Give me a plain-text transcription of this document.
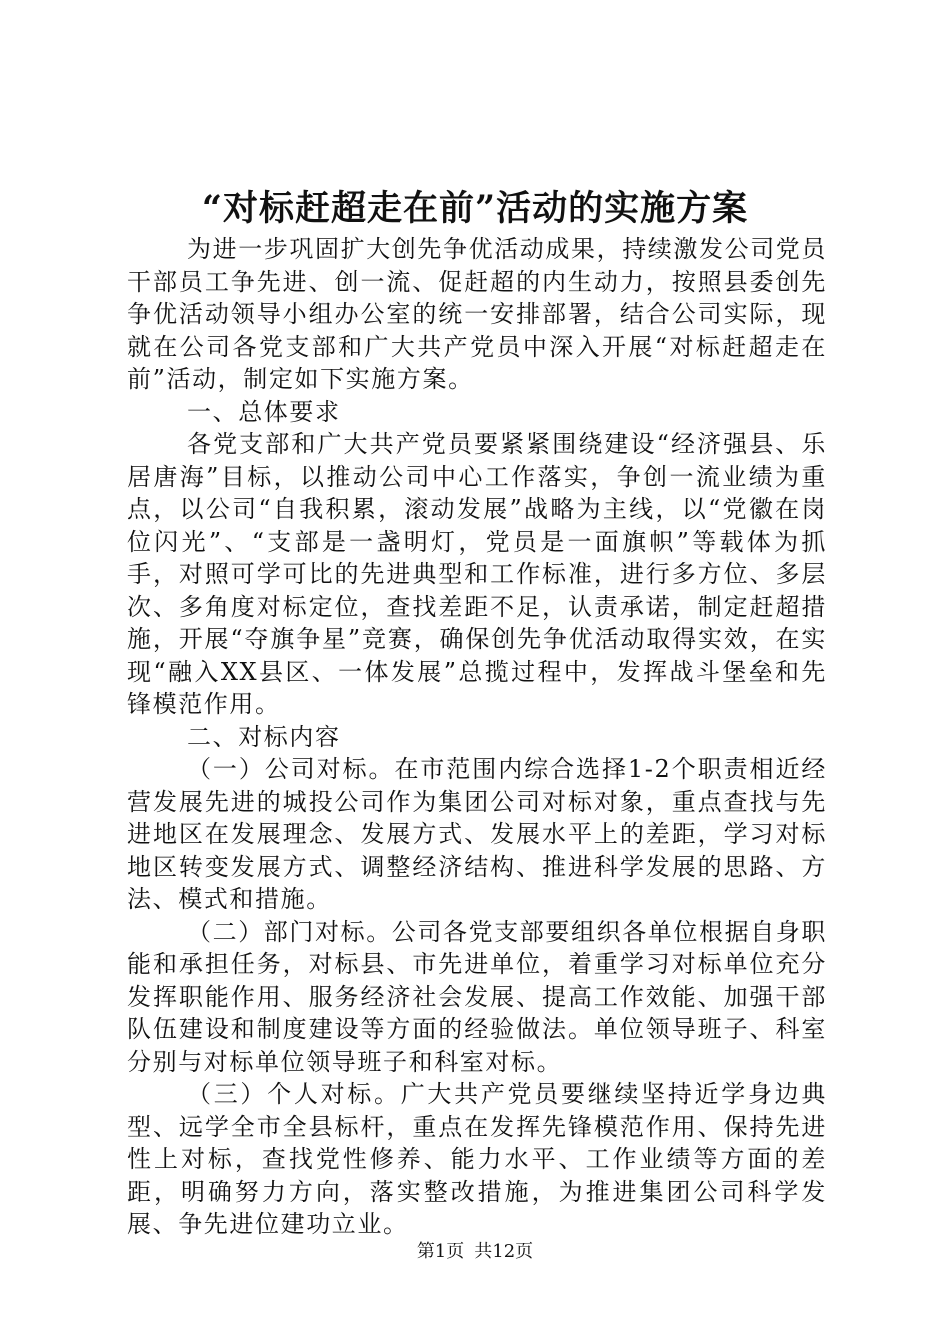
“对标赶超走在前”活动的实施方案

为进一步巩固扩大创先争优活动成果，持续激发公司党员干部员工争先进、创一流、促赶超的内生动力，按照县委创先争优活动领导小组办公室的统一安排部署，结合公司实际，现就在公司各党支部和广大共产党员中深入开展“对标赶超走在前”活动，制定如下实施方案。

一、总体要求

各党支部和广大共产党员要紧紧围绕建设“经济强县、乐居唐海”目标，以推动公司中心工作落实，争创一流业绩为重点，以公司“自我积累，滚动发展”战略为主线，以“党徽在岗位闪光”、“支部是一盏明灯，党员是一面旗帜”等载体为抓手，对照可学可比的先进典型和工作标准，进行多方位、多层次、多角度对标定位，查找差距不足，认责承诺，制定赶超措施，开展“夺旗争星”竞赛，确保创先争优活动取得实效，在实现“融入XX县区、一体发展”总揽过程中，发挥战斗堡垒和先锋模范作用。

二、对标内容

（一）公司对标。在市范围内综合选择1-2个职责相近经营发展先进的城投公司作为集团公司对标对象，重点查找与先进地区在发展理念、发展方式、发展水平上的差距，学习对标地区转变发展方式、调整经济结构、推进科学发展的思路、方法、模式和措施。

（二）部门对标。公司各党支部要组织各单位根据自身职能和承担任务，对标县、市先进单位，着重学习对标单位充分发挥职能作用、服务经济社会发展、提高工作效能、加强干部队伍建设和制度建设等方面的经验做法。单位领导班子、科室分别与对标单位领导班子和科室对标。

（三）个人对标。广大共产党员要继续坚持近学身边典型、远学全市全县标杆，重点在发挥先锋模范作用、保持先进性上对标，查找党性修养、能力水平、工作业绩等方面的差距，明确努力方向，落实整改措施，为推进集团公司科学发展、争先进位建功立业。

第1页 共12页
